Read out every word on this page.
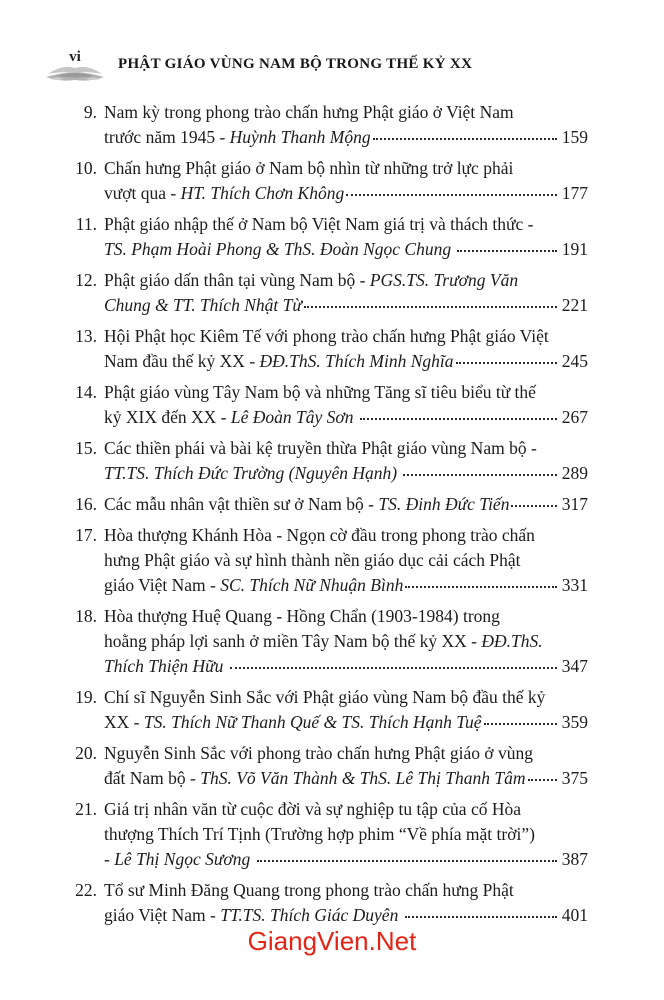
vi	PHẬT GIÁO VÙNG NAM BỘ TRONG THẾ KỶ XX
9. Nam kỳ trong phong trào chấn hưng Phật giáo ở Việt Nam
trước năm 1945 - Huỳnh Thanh Mộng	159
10. Chấn hưng Phật giáo ở Nam bộ nhìn từ những trở lực phải
vượt qua - HT. Thích Chơn Không	177
11. Phật giáo nhập thế ở Nam bộ Việt Nam giá trị và thách thức -
TS. Phạm Hoài Phong & ThS. Đoàn Ngọc Chung	191
12. Phật giáo dấn thân tại vùng Nam bộ - PGS.TS. Trương Văn
Chung & TT. Thích Nhật Từ	221
13. Hội Phật học Kiêm Tế với phong trào chấn hưng Phật giáo Việt
Nam đầu thế kỷ XX - ĐĐ.ThS. Thích Minh Nghĩa	245
14. Phật giáo vùng Tây Nam bộ và những Tăng sĩ tiêu biểu từ thế
kỷ XIX đến XX - Lê Đoàn Tây Sơn	267
15. Các thiền phái và bài kệ truyền thừa Phật giáo vùng Nam bộ -
TT.TS. Thích Đức Trường (Nguyên Hạnh)	289
16. Các mẫu nhân vật thiền sư ở Nam bộ - TS. Đinh Đức Tiến	317
17. Hòa thượng Khánh Hòa - Ngọn cờ đầu trong phong trào chấn
hưng Phật giáo và sự hình thành nền giáo dục cải cách Phật
giáo Việt Nam - SC. Thích Nữ Nhuận Bình	331
18. Hòa thượng Huệ Quang - Hồng Chẩn (1903-1984) trong
hoằng pháp lợi sanh ở miền Tây Nam bộ thế kỷ XX - ĐĐ.ThS.
Thích Thiện Hữu	347
19. Chí sĩ Nguyễn Sinh Sắc với Phật giáo vùng Nam bộ đầu thế kỷ
XX - TS. Thích Nữ Thanh Quế & TS. Thích Hạnh Tuệ	359
20. Nguyễn Sinh Sắc với phong trào chấn hưng Phật giáo ở vùng
đất Nam bộ - ThS. Võ Văn Thành & ThS. Lê Thị Thanh Tâm 375
21. Giá trị nhân văn từ cuộc đời và sự nghiệp tu tập của cố Hòa
thượng Thích Trí Tịnh (Trường hợp phim “Về phía mặt trời”)
- Lê Thị Ngọc Sương	387
22. Tổ sư Minh Đăng Quang trong phong trào chấn hưng Phật
giáo Việt Nam - TT.TS. Thích Giác Duyên	401
GiangVien.Net
